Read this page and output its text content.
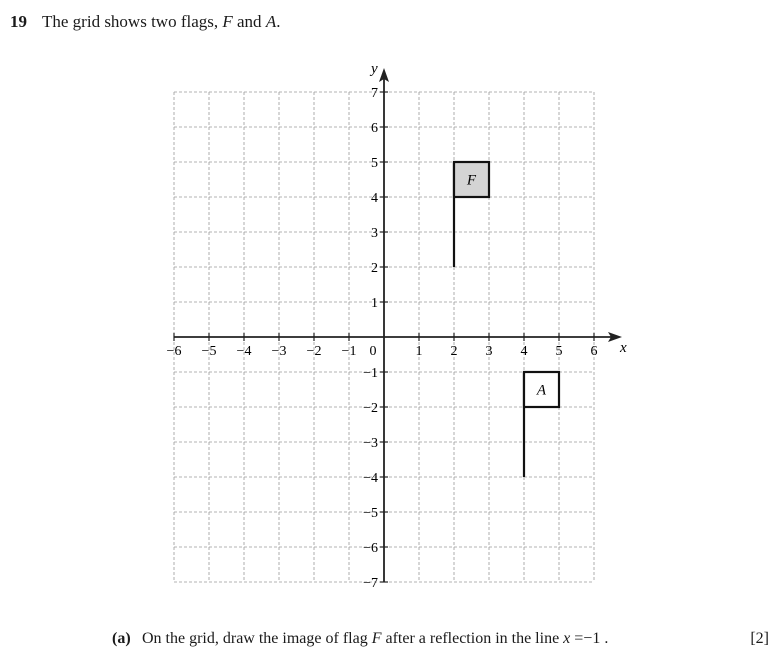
19 The grid shows two flags, F and A.
x
y
0
−6 −5 −4 −3 −2 −1	1 2 3 4 5 6
7
6
5
4
3
2
1
−1
−2
−3
−4
−5
−6
−7
F
A
(a) On the grid, draw the image of flag F after a reflection in the line x =−1 .	[2]
